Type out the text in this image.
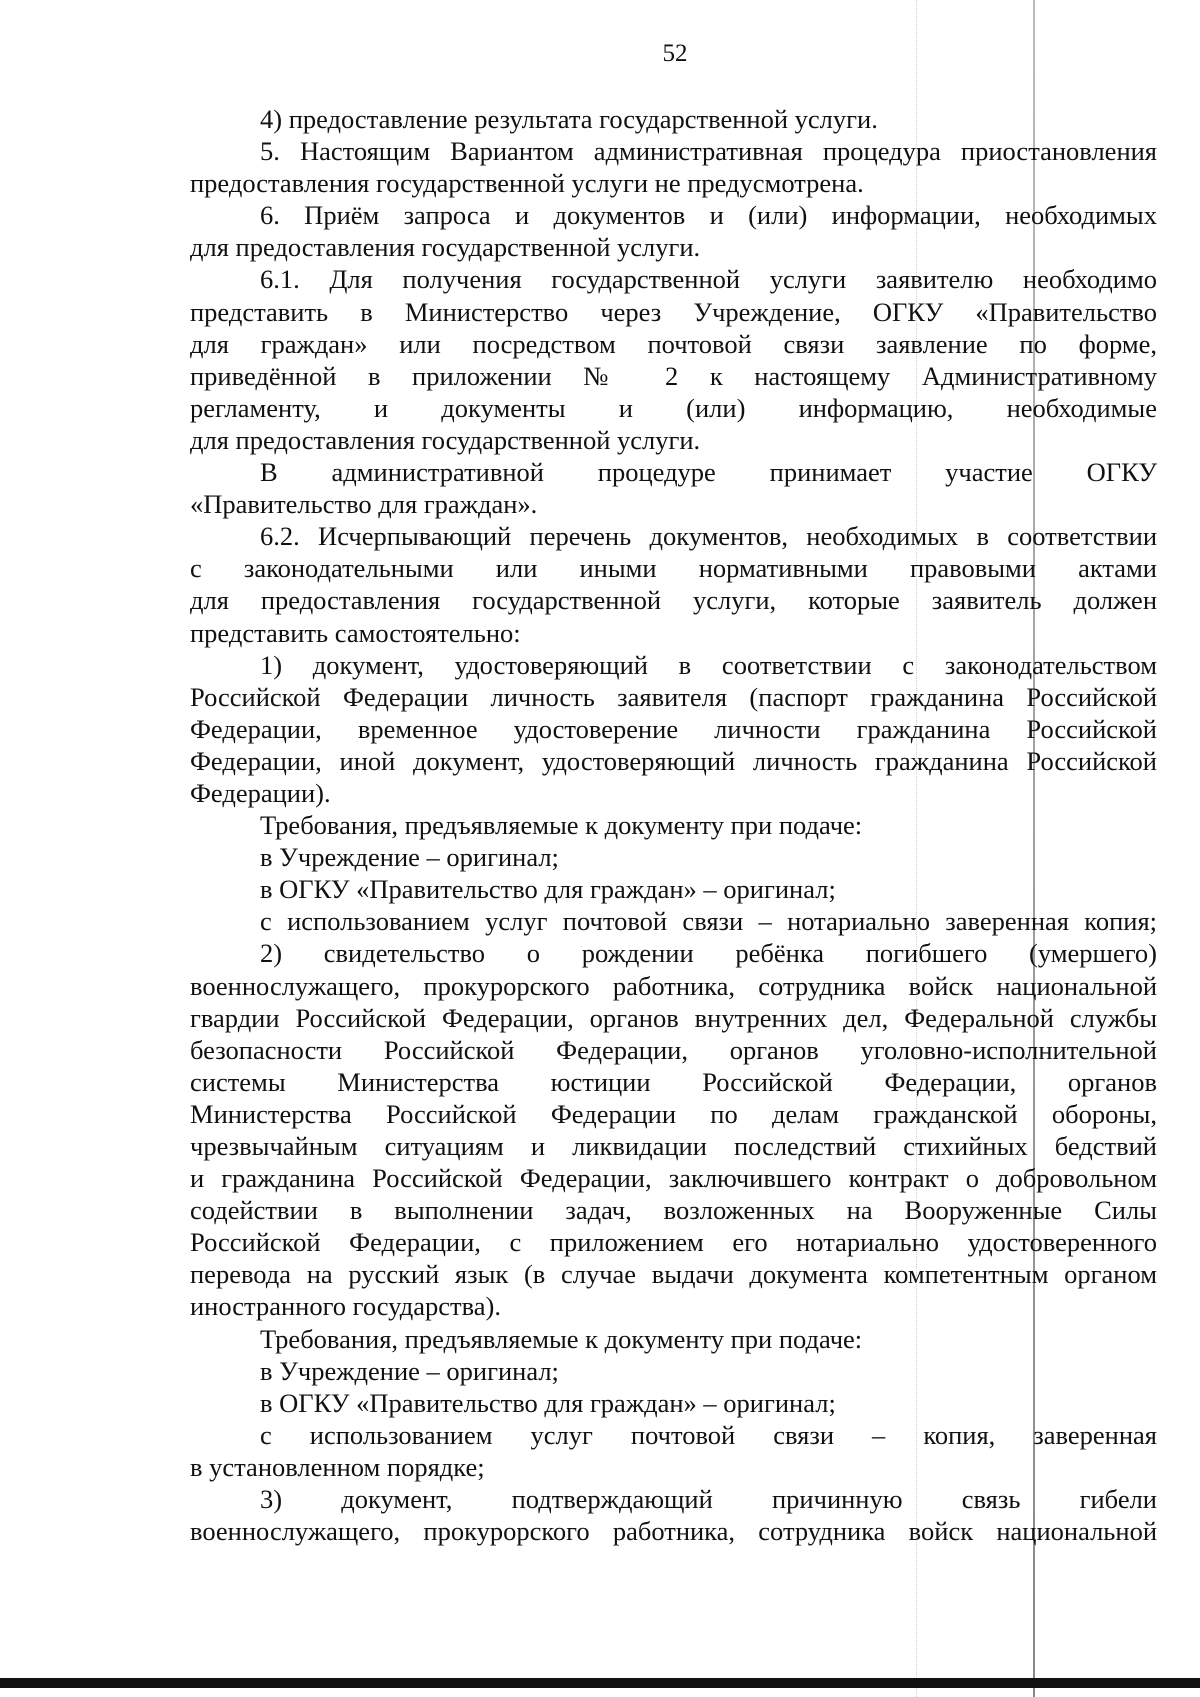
52
4) предоставление результата государственной услуги.
5. Настоящим Вариантом административная процедура приостановления
предоставления государственной услуги не предусмотрена.
6. Приём запроса и документов и (или) информации, необходимых
для предоставления государственной услуги.
6.1. Для получения государственной услуги заявителю необходимо
представить в Министерство через Учреждение, ОГКУ «Правительство
для граждан» или посредством почтовой связи заявление по форме,
приведённой в приложении № 2 к настоящему Административному
регламенту, и документы и (или) информацию, необходимые
для предоставления государственной услуги.
В административной процедуре принимает участие ОГКУ
«Правительство для граждан».
6.2. Исчерпывающий перечень документов, необходимых в соответствии
с законодательными или иными нормативными правовыми актами
для предоставления государственной услуги, которые заявитель должен
представить самостоятельно:
1) документ, удостоверяющий в соответствии с законодательством
Российской Федерации личность заявителя (паспорт гражданина Российской
Федерации, временное удостоверение личности гражданина Российской
Федерации, иной документ, удостоверяющий личность гражданина Российской
Федерации).
Требования, предъявляемые к документу при подаче:
в Учреждение – оригинал;
в ОГКУ «Правительство для граждан» – оригинал;
с использованием услуг почтовой связи – нотариально заверенная копия;
2) свидетельство о рождении ребёнка погибшего (умершего)
военнослужащего, прокурорского работника, сотрудника войск национальной
гвардии Российской Федерации, органов внутренних дел, Федеральной службы
безопасности Российской Федерации, органов уголовно-исполнительной
системы Министерства юстиции Российской Федерации, органов
Министерства Российской Федерации по делам гражданской обороны,
чрезвычайным ситуациям и ликвидации последствий стихийных бедствий
и гражданина Российской Федерации, заключившего контракт о добровольном
содействии в выполнении задач, возложенных на Вооруженные Силы
Российской Федерации, с приложением его нотариально удостоверенного
перевода на русский язык (в случае выдачи документа компетентным органом
иностранного государства).
Требования, предъявляемые к документу при подаче:
в Учреждение – оригинал;
в ОГКУ «Правительство для граждан» – оригинал;
с использованием услуг почтовой связи – копия, заверенная
в установленном порядке;
3) документ, подтверждающий причинную связь гибели
военнослужащего, прокурорского работника, сотрудника войск национальной
